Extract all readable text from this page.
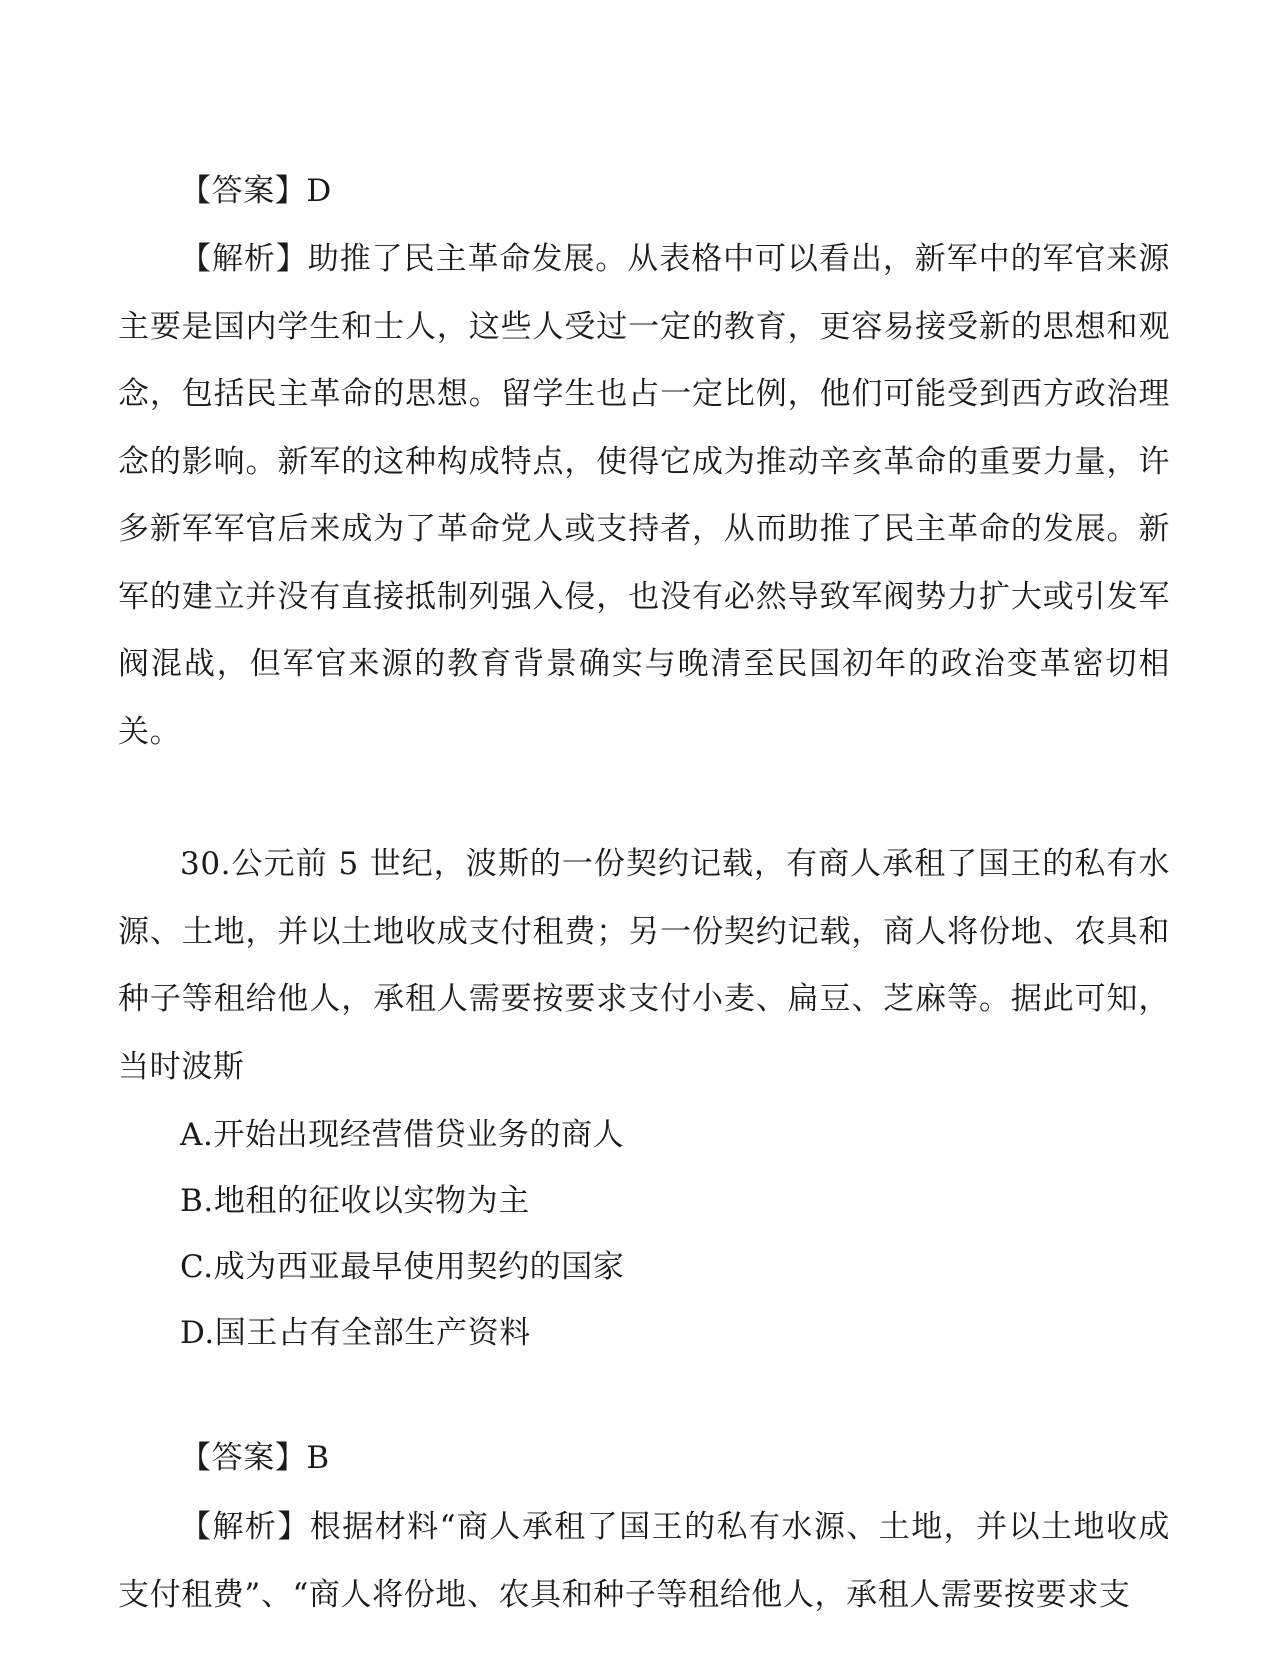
【答案】D

【解析】助推了民主革命发展。从表格中可以看出，新军中的军官来源主要是国内学生和士人，这些人受过一定的教育，更容易接受新的思想和观念，包括民主革命的思想。留学生也占一定比例，他们可能受到西方政治理念的影响。新军的这种构成特点，使得它成为推动辛亥革命的重要力量，许多新军军官后来成为了革命党人或支持者，从而助推了民主革命的发展。新军的建立并没有直接抵制列强入侵，也没有必然导致军阀势力扩大或引发军阀混战，但军官来源的教育背景确实与晚清至民国初年的政治变革密切相关。

30.公元前 5 世纪，波斯的一份契约记载，有商人承租了国王的私有水源、土地，并以土地收成支付租费；另一份契约记载，商人将份地、农具和种子等租给他人，承租人需要按要求支付小麦、扁豆、芝麻等。据此可知，当时波斯

A.开始出现经营借贷业务的商人

B.地租的征收以实物为主

C.成为西亚最早使用契约的国家

D.国王占有全部生产资料

【答案】B

【解析】根据材料“商人承租了国王的私有水源、土地，并以土地收成支付租费”、“商人将份地、农具和种子等租给他人，承租人需要按要求支
